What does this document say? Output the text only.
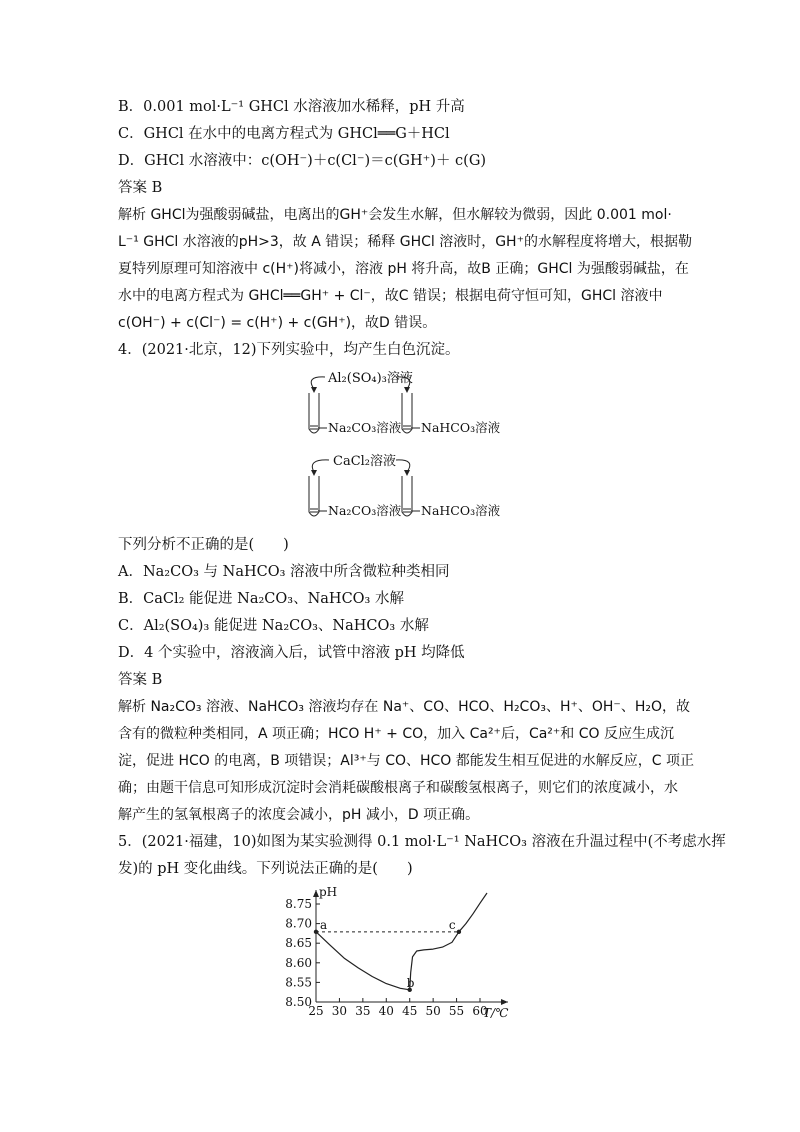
B．0.001 mol·L⁻¹ GHCl 水溶液加水稀释，pH 升高
C．GHCl 在水中的电离方程式为 GHCl══G＋HCl
D．GHCl 水溶液中：c(OH⁻)＋c(Cl⁻)＝c(GH⁺)＋ c(G)
答案 B
解析 GHCl为强酸弱碱盐，电离出的GH⁺会发生水解，但水解较为微弱，因此 0.001 mol·
L⁻¹ GHCl 水溶液的pH>3，故 A 错误；稀释 GHCl 溶液时，GH⁺的水解程度将增大，根据勒
夏特列原理可知溶液中 c(H⁺)将减小，溶液 pH 将升高，故B 正确；GHCl 为强酸弱碱盐，在
水中的电离方程式为 GHCl══GH⁺ + Cl⁻，故C 错误；根据电荷守恒可知，GHCl 溶液中
c(OH⁻) + c(Cl⁻) = c(H⁺) + c(GH⁺)，故D 错误。
4．(2021·北京，12)下列实验中，均产生白色沉淀。
Al₂(SO₄)₃溶液
CaCl₂溶液
Na₂CO₃溶液 NaHCO₃溶液
Na₂CO₃溶液 NaHCO₃溶液
下列分析不正确的是(　　)
A．Na₂CO₃ 与 NaHCO₃ 溶液中所含微粒种类相同
B．CaCl₂ 能促进 Na₂CO₃、NaHCO₃ 水解
C．Al₂(SO₄)₃ 能促进 Na₂CO₃、NaHCO₃ 水解
D．4 个实验中，溶液滴入后，试管中溶液 pH 均降低
答案 B
解析 Na₂CO₃ 溶液、NaHCO₃ 溶液均存在 Na⁺、CO、HCO、H₂CO₃、H⁺、OH⁻、H₂O，故
含有的微粒种类相同，A 项正确；HCO H⁺ + CO，加入 Ca²⁺后，Ca²⁺和 CO 反应生成沉
淀，促进 HCO 的电离，B 项错误；Al³⁺与 CO、HCO 都能发生相互促进的水解反应，C 项正
确；由题干信息可知形成沉淀时会消耗碳酸根离子和碳酸氢根离子，则它们的浓度减小，水
解产生的氢氧根离子的浓度会减小，pH 减小，D 项正确。
5．(2021·福建，10)如图为某实验测得 0.1 mol·L⁻¹ NaHCO₃ 溶液在升温过程中(不考虑水挥
发)的 pH 变化曲线。下列说法正确的是(　　)
pH
T/℃
25 30 35 40 45 50 55 60
8.50
8.55
8.60
8.65
8.70
8.75
a
b
c
